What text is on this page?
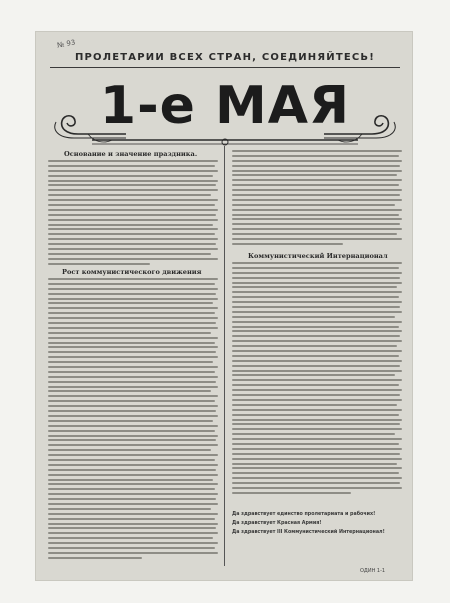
№ 93
ПРОЛЕТАРИИ ВСЕХ СТРАН, СОЕДИНЯЙТЕСЬ!
1-е МАЯ
Основание и значение праздника.
Рост коммунистического движения
Коммунистический Интернационал
Да здравствует единство пролетариата и рабочих!
Да здравствует Красная Армия!
Да здравствует III Коммунистический Интернационал!
ОДИН 1-1
